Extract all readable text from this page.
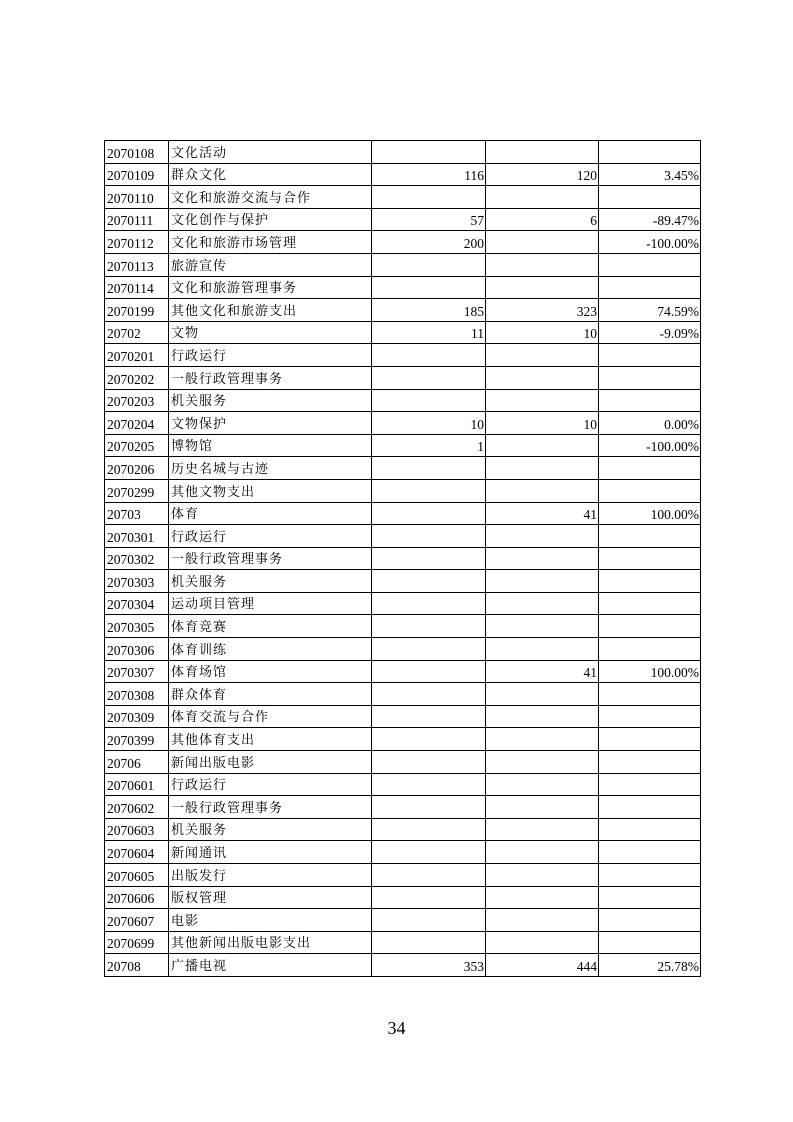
2070108	文化活动			
2070109	群众文化	116	120	3.45%
2070110	文化和旅游交流与合作			
2070111	文化创作与保护	57	6	-89.47%
2070112	文化和旅游市场管理	200		-100.00%
2070113	旅游宣传			
2070114	文化和旅游管理事务			
2070199	其他文化和旅游支出	185	323	74.59%
20702	文物	11	10	-9.09%
2070201	行政运行			
2070202	一般行政管理事务			
2070203	机关服务			
2070204	文物保护	10	10	0.00%
2070205	博物馆	1		-100.00%
2070206	历史名城与古迹			
2070299	其他文物支出			
20703	体育		41	100.00%
2070301	行政运行			
2070302	一般行政管理事务			
2070303	机关服务			
2070304	运动项目管理			
2070305	体育竞赛			
2070306	体育训练			
2070307	体育场馆		41	100.00%
2070308	群众体育			
2070309	体育交流与合作			
2070399	其他体育支出			
20706	新闻出版电影			
2070601	行政运行			
2070602	一般行政管理事务			
2070603	机关服务			
2070604	新闻通讯			
2070605	出版发行			
2070606	版权管理			
2070607	电影			
2070699	其他新闻出版电影支出			
20708	广播电视	353	444	25.78%
34
